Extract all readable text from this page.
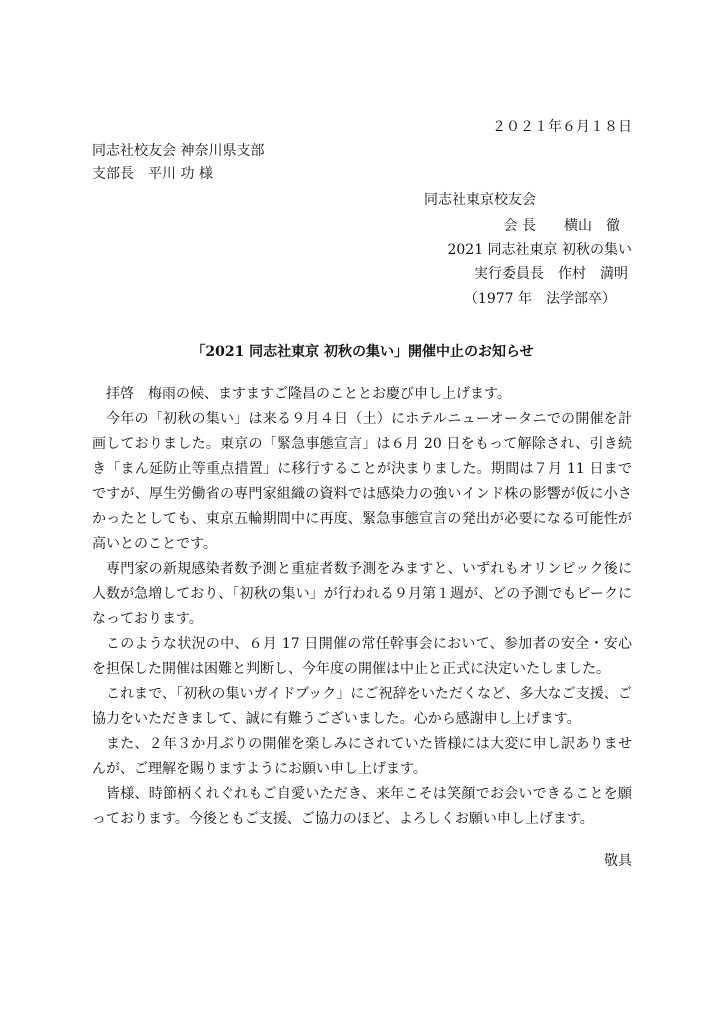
２０２１年６月１８日
同志社校友会 神奈川県支部
支部長　平川 功 様
同志社東京校友会
会 長　　横山　徹
2021 同志社東京 初秋の集い
実行委員長　作村　満明
（1977 年　法学部卒）
「2021 同志社東京 初秋の集い」開催中止のお知らせ

拝啓　梅雨の候、ますますご隆昌のこととお慶び申し上げます。

今年の「初秋の集い」は来る９月４日（土）にホテルニューオータニでの開催を計画しておりました。東京の「緊急事態宣言」は６月 20 日をもって解除され、引き続き「まん延防止等重点措置」に移行することが決まりました。期間は７月 11 日までですが、厚生労働省の専門家組織の資料では感染力の強いインド株の影響が仮に小さかったとしても、東京五輪期間中に再度、緊急事態宣言の発出が必要になる可能性が高いとのことです。

専門家の新規感染者数予測と重症者数予測をみますと、いずれもオリンピック後に人数が急増しており、「初秋の集い」が行われる９月第１週が、どの予測でもピークになっております。

このような状況の中、６月 17 日開催の常任幹事会において、参加者の安全・安心を担保した開催は困難と判断し、今年度の開催は中止と正式に決定いたしました。

これまで、「初秋の集いガイドブック」にご祝辞をいただくなど、多大なご支援、ご協力をいただきまして、誠に有難うございました。心から感謝申し上げます。

また、２年３か月ぶりの開催を楽しみにされていた皆様には大変に申し訳ありませんが、ご理解を賜りますようにお願い申し上げます。

皆様、時節柄くれぐれもご自愛いただき、来年こそは笑顔でお会いできることを願っております。今後ともご支援、ご協力のほど、よろしくお願い申し上げます。

敬具
